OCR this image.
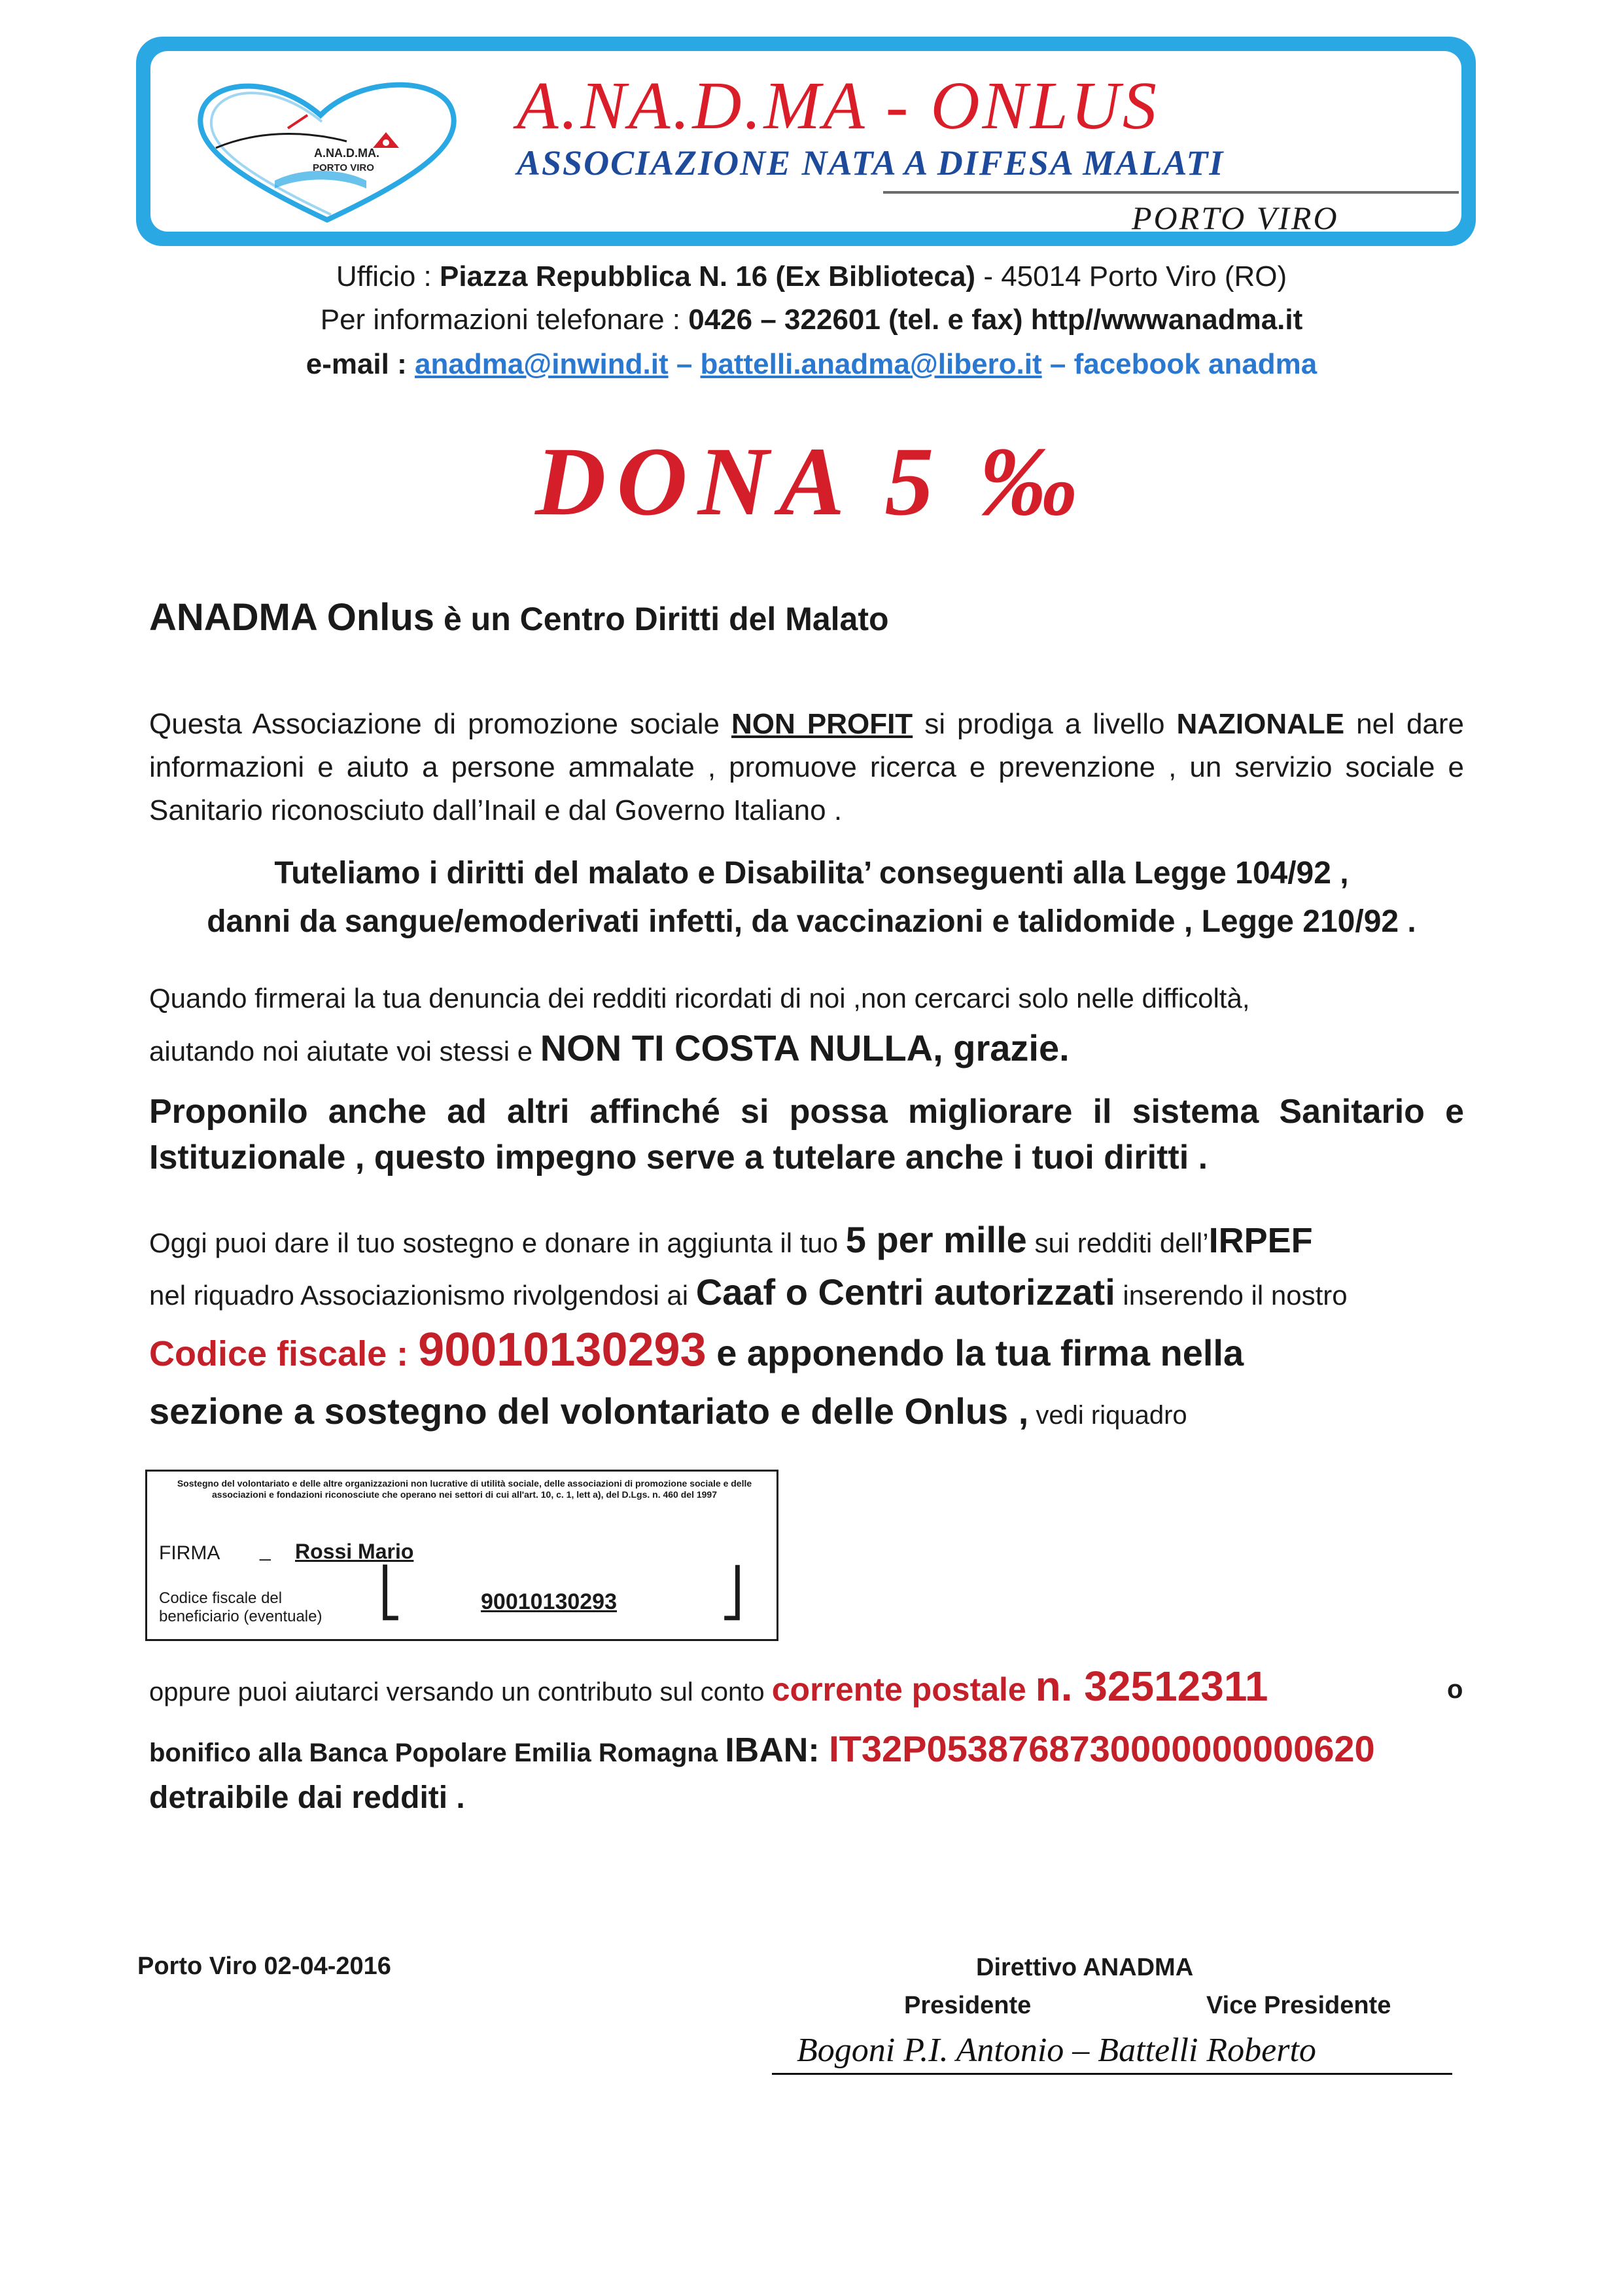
A.NA.D.MA.
PORTO VIRO
A.NA.D.MA - ONLUS
ASSOCIAZIONE NATA A DIFESA MALATI
PORTO VIRO
Ufficio : Piazza Repubblica N. 16 (Ex Biblioteca) - 45014 Porto Viro (RO)
Per informazioni telefonare : 0426 – 322601 (tel. e fax) http//wwwanadma.it
e-mail : anadma@inwind.it – battelli.anadma@libero.it – facebook anadma
DONA 5 ‰
ANADMA Onlus è un Centro Diritti del Malato
Questa Associazione di promozione sociale NON PROFIT si prodiga a livello NAZIONALE nel dare informazioni e aiuto a persone ammalate , promuove ricerca e prevenzione , un servizio sociale e Sanitario riconosciuto dall’Inail e dal Governo Italiano .
Tuteliamo i diritti del malato e Disabilita’ conseguenti alla Legge 104/92 ,
danni da sangue/emoderivati infetti, da vaccinazioni e talidomide , Legge 210/92 .
Quando firmerai la tua denuncia dei redditi ricordati di noi ,non cercarci solo nelle difficoltà,
aiutando noi aiutate voi stessi e NON TI COSTA NULLA, grazie.
Proponilo anche ad altri affinché si possa migliorare il sistema Sanitario e
Istituzionale , questo impegno serve a tutelare anche i tuoi diritti .
Oggi puoi dare il tuo sostegno e donare in aggiunta il tuo 5 per mille sui redditi dell’IRPEF
nel riquadro Associazionismo rivolgendosi ai Caaf o Centri autorizzati inserendo il nostro
Codice fiscale : 90010130293 e apponendo la tua firma nella
sezione a sostegno del volontariato e delle Onlus , vedi riquadro
Sostegno del volontariato e delle altre organizzazioni non lucrative di utilità sociale, delle associazioni di promozione sociale e delle associazioni e fondazioni riconosciute che operano nei settori di cui all'art. 10, c. 1, lett a), del D.Lgs. n. 460 del 1997
FIRMA _ Rossi Mario
Codice fiscale del
beneficiario (eventuale) ⎣	90010130293 ⎦
oppure puoi aiutarci versando un contributo sul conto corrente postale n. 32512311	o
bonifico alla Banca Popolare Emilia Romagna IBAN: IT32P0538768730000000000620
detraibile dai redditi .
Porto Viro 02-04-2016	Direttivo ANADMA
Presidente	Vice Presidente
Bogoni P.I. Antonio – Battelli Roberto
